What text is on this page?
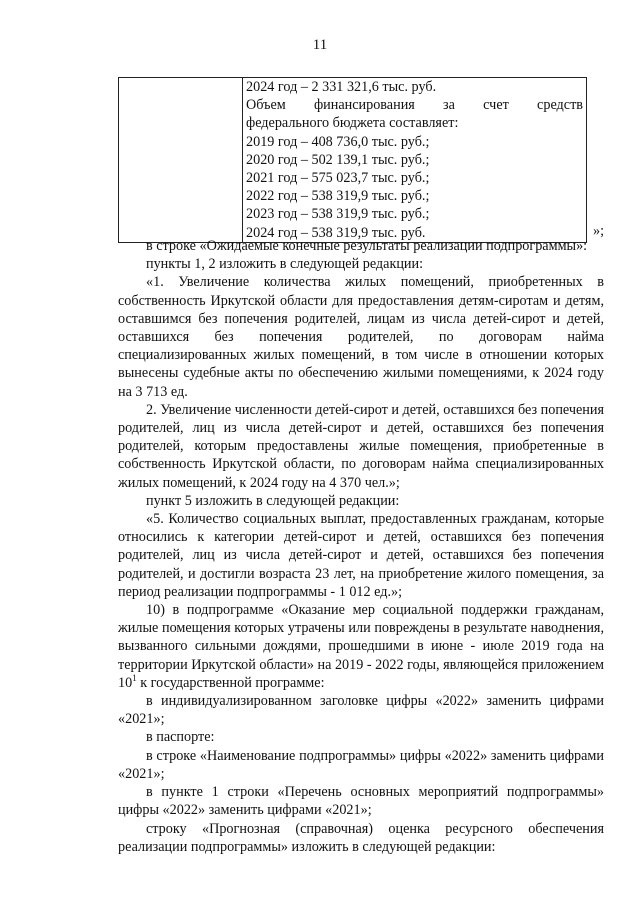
11

2024 год – 2 331 321,6 тыс. руб.
Объем финансирования за счет средств
федерального бюджета составляет:
2019 год – 408 736,0 тыс. руб.;
2020 год – 502 139,1 тыс. руб.;
2021 год – 575 023,7 тыс. руб.;
2022 год – 538 319,9 тыс. руб.;
2023 год – 538 319,9 тыс. руб.;
2024 год – 538 319,9 тыс. руб.	»;

в строке «Ожидаемые конечные результаты реализации подпрограммы»:

пункты 1, 2 изложить в следующей редакции:

«1. Увеличение количества жилых помещений, приобретенных в собственность Иркутской области для предоставления детям-сиротам и детям, оставшимся без попечения родителей, лицам из числа детей-сирот и детей, оставшихся без попечения родителей, по договорам найма специализированных жилых помещений, в том числе в отношении которых вынесены судебные акты по обеспечению жилыми помещениями, к 2024 году на 3 713 ед.

2. Увеличение численности детей-сирот и детей, оставшихся без попечения родителей, лиц из числа детей-сирот и детей, оставшихся без попечения родителей, которым предоставлены жилые помещения, приобретенные в собственность Иркутской области, по договорам найма специализированных жилых помещений, к 2024 году на 4 370 чел.»;

пункт 5 изложить в следующей редакции:

«5. Количество социальных выплат, предоставленных гражданам, которые относились к категории детей-сирот и детей, оставшихся без попечения родителей, лиц из числа детей-сирот и детей, оставшихся без попечения родителей, и достигли возраста 23 лет, на приобретение жилого помещения, за период реализации подпрограммы - 1 012 ед.»;

10) в подпрограмме «Оказание мер социальной поддержки гражданам, жилые помещения которых утрачены или повреждены в результате наводнения, вызванного сильными дождями, прошедшими в июне - июле 2019 года на территории Иркутской области» на 2019 - 2022 годы, являющейся приложением $10^1$ к государственной программе:

в индивидуализированном заголовке цифры «2022» заменить цифрами «2021»;

в паспорте:

в строке «Наименование подпрограммы» цифры «2022» заменить цифрами «2021»;

в пункте 1 строки «Перечень основных мероприятий подпрограммы» цифры «2022» заменить цифрами «2021»;

строку «Прогнозная (справочная) оценка ресурсного обеспечения реализации подпрограммы» изложить в следующей редакции:
